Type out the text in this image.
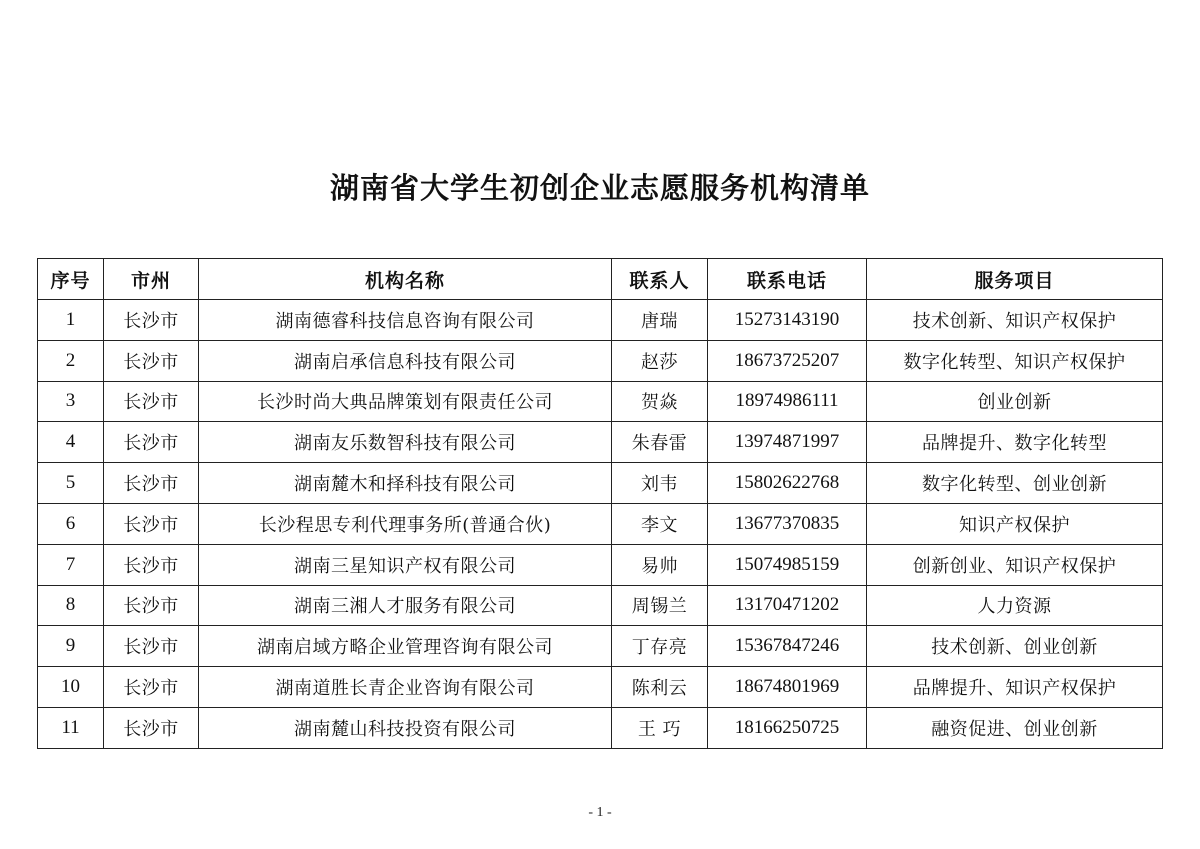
湖南省大学生初创企业志愿服务机构清单
序号	市州	机构名称	联系人	联系电话	服务项目
1	长沙市	湖南德睿科技信息咨询有限公司	唐瑞	15273143190	技术创新、知识产权保护
2	长沙市	湖南启承信息科技有限公司	赵莎	18673725207	数字化转型、知识产权保护
3	长沙市	长沙时尚大典品牌策划有限责任公司	贺焱	18974986111	创业创新
4	长沙市	湖南友乐数智科技有限公司	朱春雷	13974871997	品牌提升、数字化转型
5	长沙市	湖南麓木和择科技有限公司	刘韦	15802622768	数字化转型、创业创新
6	长沙市	长沙程思专利代理事务所(普通合伙)	李文	13677370835	知识产权保护
7	长沙市	湖南三星知识产权有限公司	易帅	15074985159	创新创业、知识产权保护
8	长沙市	湖南三湘人才服务有限公司	周锡兰	13170471202	人力资源
9	长沙市	湖南启域方略企业管理咨询有限公司	丁存亮	15367847246	技术创新、创业创新
10	长沙市	湖南道胜长青企业咨询有限公司	陈利云	18674801969	品牌提升、知识产权保护
11	长沙市	湖南麓山科技投资有限公司	王 巧	18166250725	融资促进、创业创新
- 1 -
